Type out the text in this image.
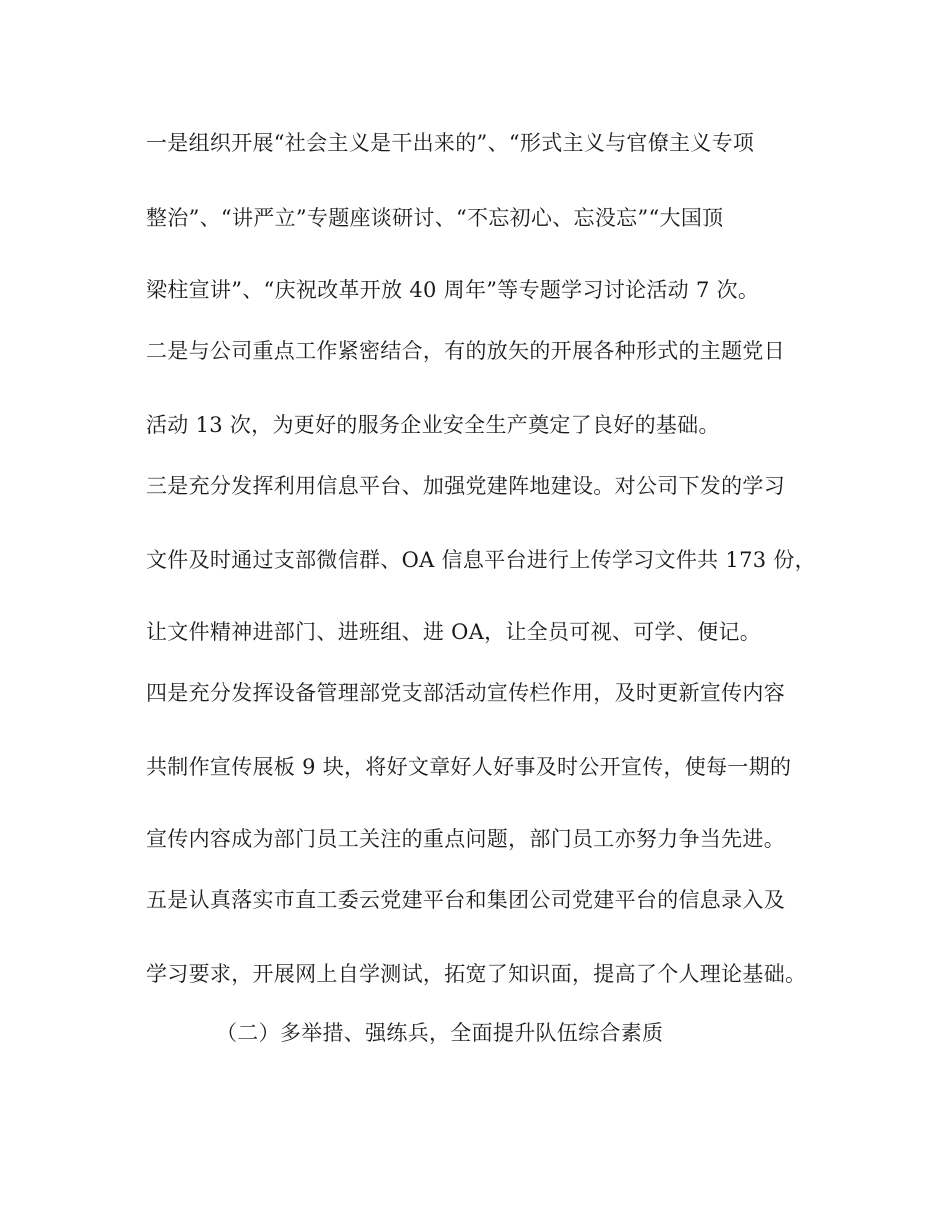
一是组织开展“社会主义是干出来的”、“形式主义与官僚主义专项
整治”、“讲严立”专题座谈研讨、“不忘初心、忘没忘”“大国顶
梁柱宣讲”、“庆祝改革开放 40 周年”等专题学习讨论活动 7 次。
二是与公司重点工作紧密结合，有的放矢的开展各种形式的主题党日
活动 13 次，为更好的服务企业安全生产奠定了良好的基础。
三是充分发挥利用信息平台、加强党建阵地建设。对公司下发的学习
文件及时通过支部微信群、OA 信息平台进行上传学习文件共 173 份，
让文件精神进部门、进班组、进 OA，让全员可视、可学、便记。
四是充分发挥设备管理部党支部活动宣传栏作用，及时更新宣传内容
共制作宣传展板 9 块，将好文章好人好事及时公开宣传，使每一期的
宣传内容成为部门员工关注的重点问题，部门员工亦努力争当先进。
五是认真落实市直工委云党建平台和集团公司党建平台的信息录入及
学习要求，开展网上自学测试，拓宽了知识面，提高了个人理论基础。
（二）多举措、强练兵，全面提升队伍综合素质
